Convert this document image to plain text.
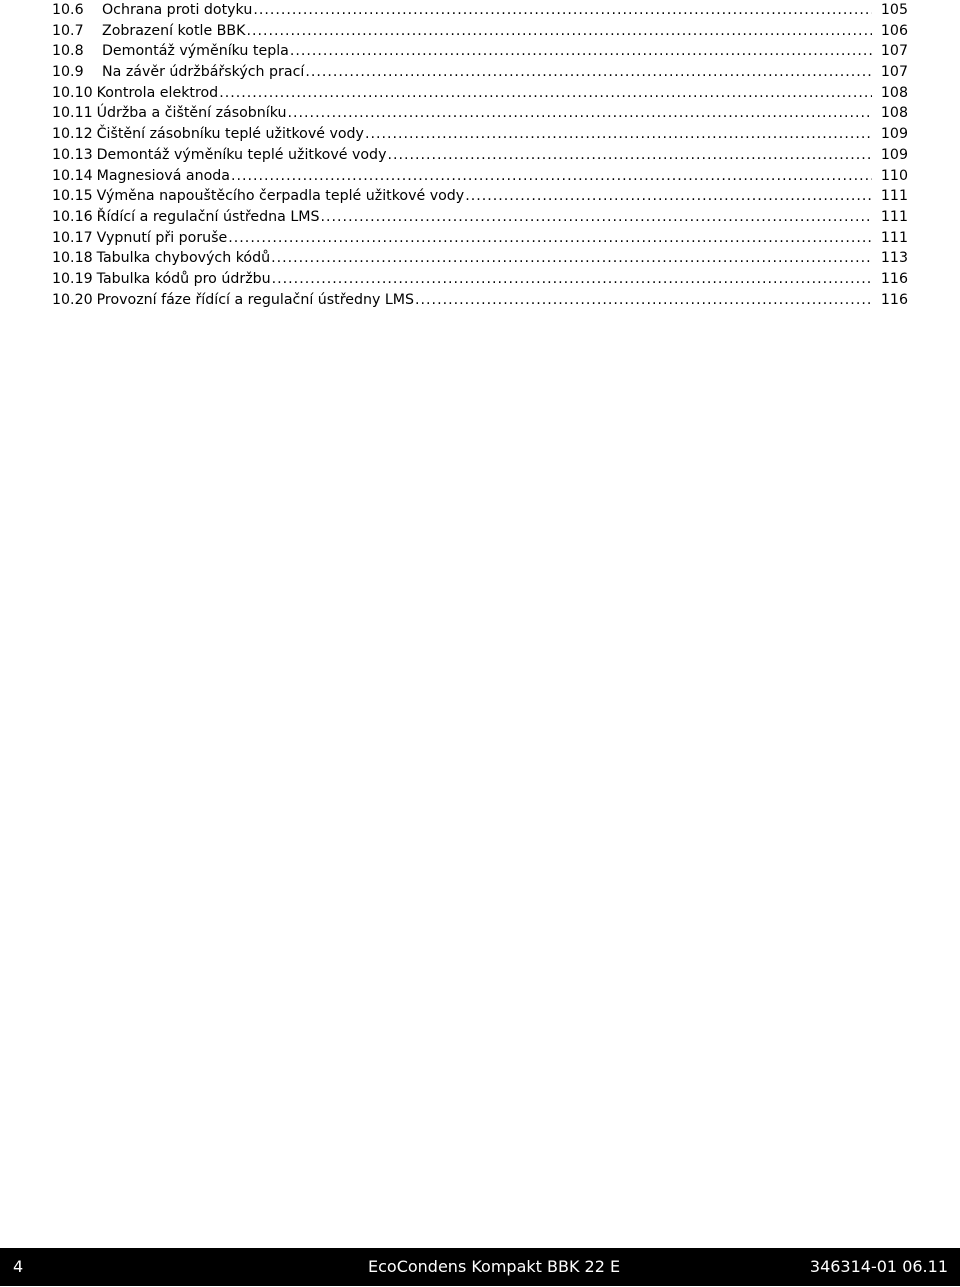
10.6	Ochrana proti dotyku .....	105
10.7	Zobrazení kotle BBK .....	106
10.8	Demontáž výměníku tepla .....	107
10.9	Na závěr údržbářských prací .....	107
10.10 Kontrola elektrod .....	108
10.11 Údržba a čištění zásobníku .....	108
10.12 Čištění zásobníku teplé užitkové vody .....	109
10.13 Demontáž výměníku teplé užitkové vody .....	109
10.14 Magnesiová anoda .....	110
10.15 Výměna napouštěcího čerpadla teplé užitkové vody .....	111
10.16 Řídící a regulační ústředna LMS .....	111
10.17 Vypnutí při poruše .....	111
10.18 Tabulka chybových kódů .....	113
10.19 Tabulka kódů pro údržbu .....	116
10.20 Provozní fáze řídící a regulační ústředny LMS .....	116
4	EcoCondens Kompakt BBK 22 E	346314-01 06.11
